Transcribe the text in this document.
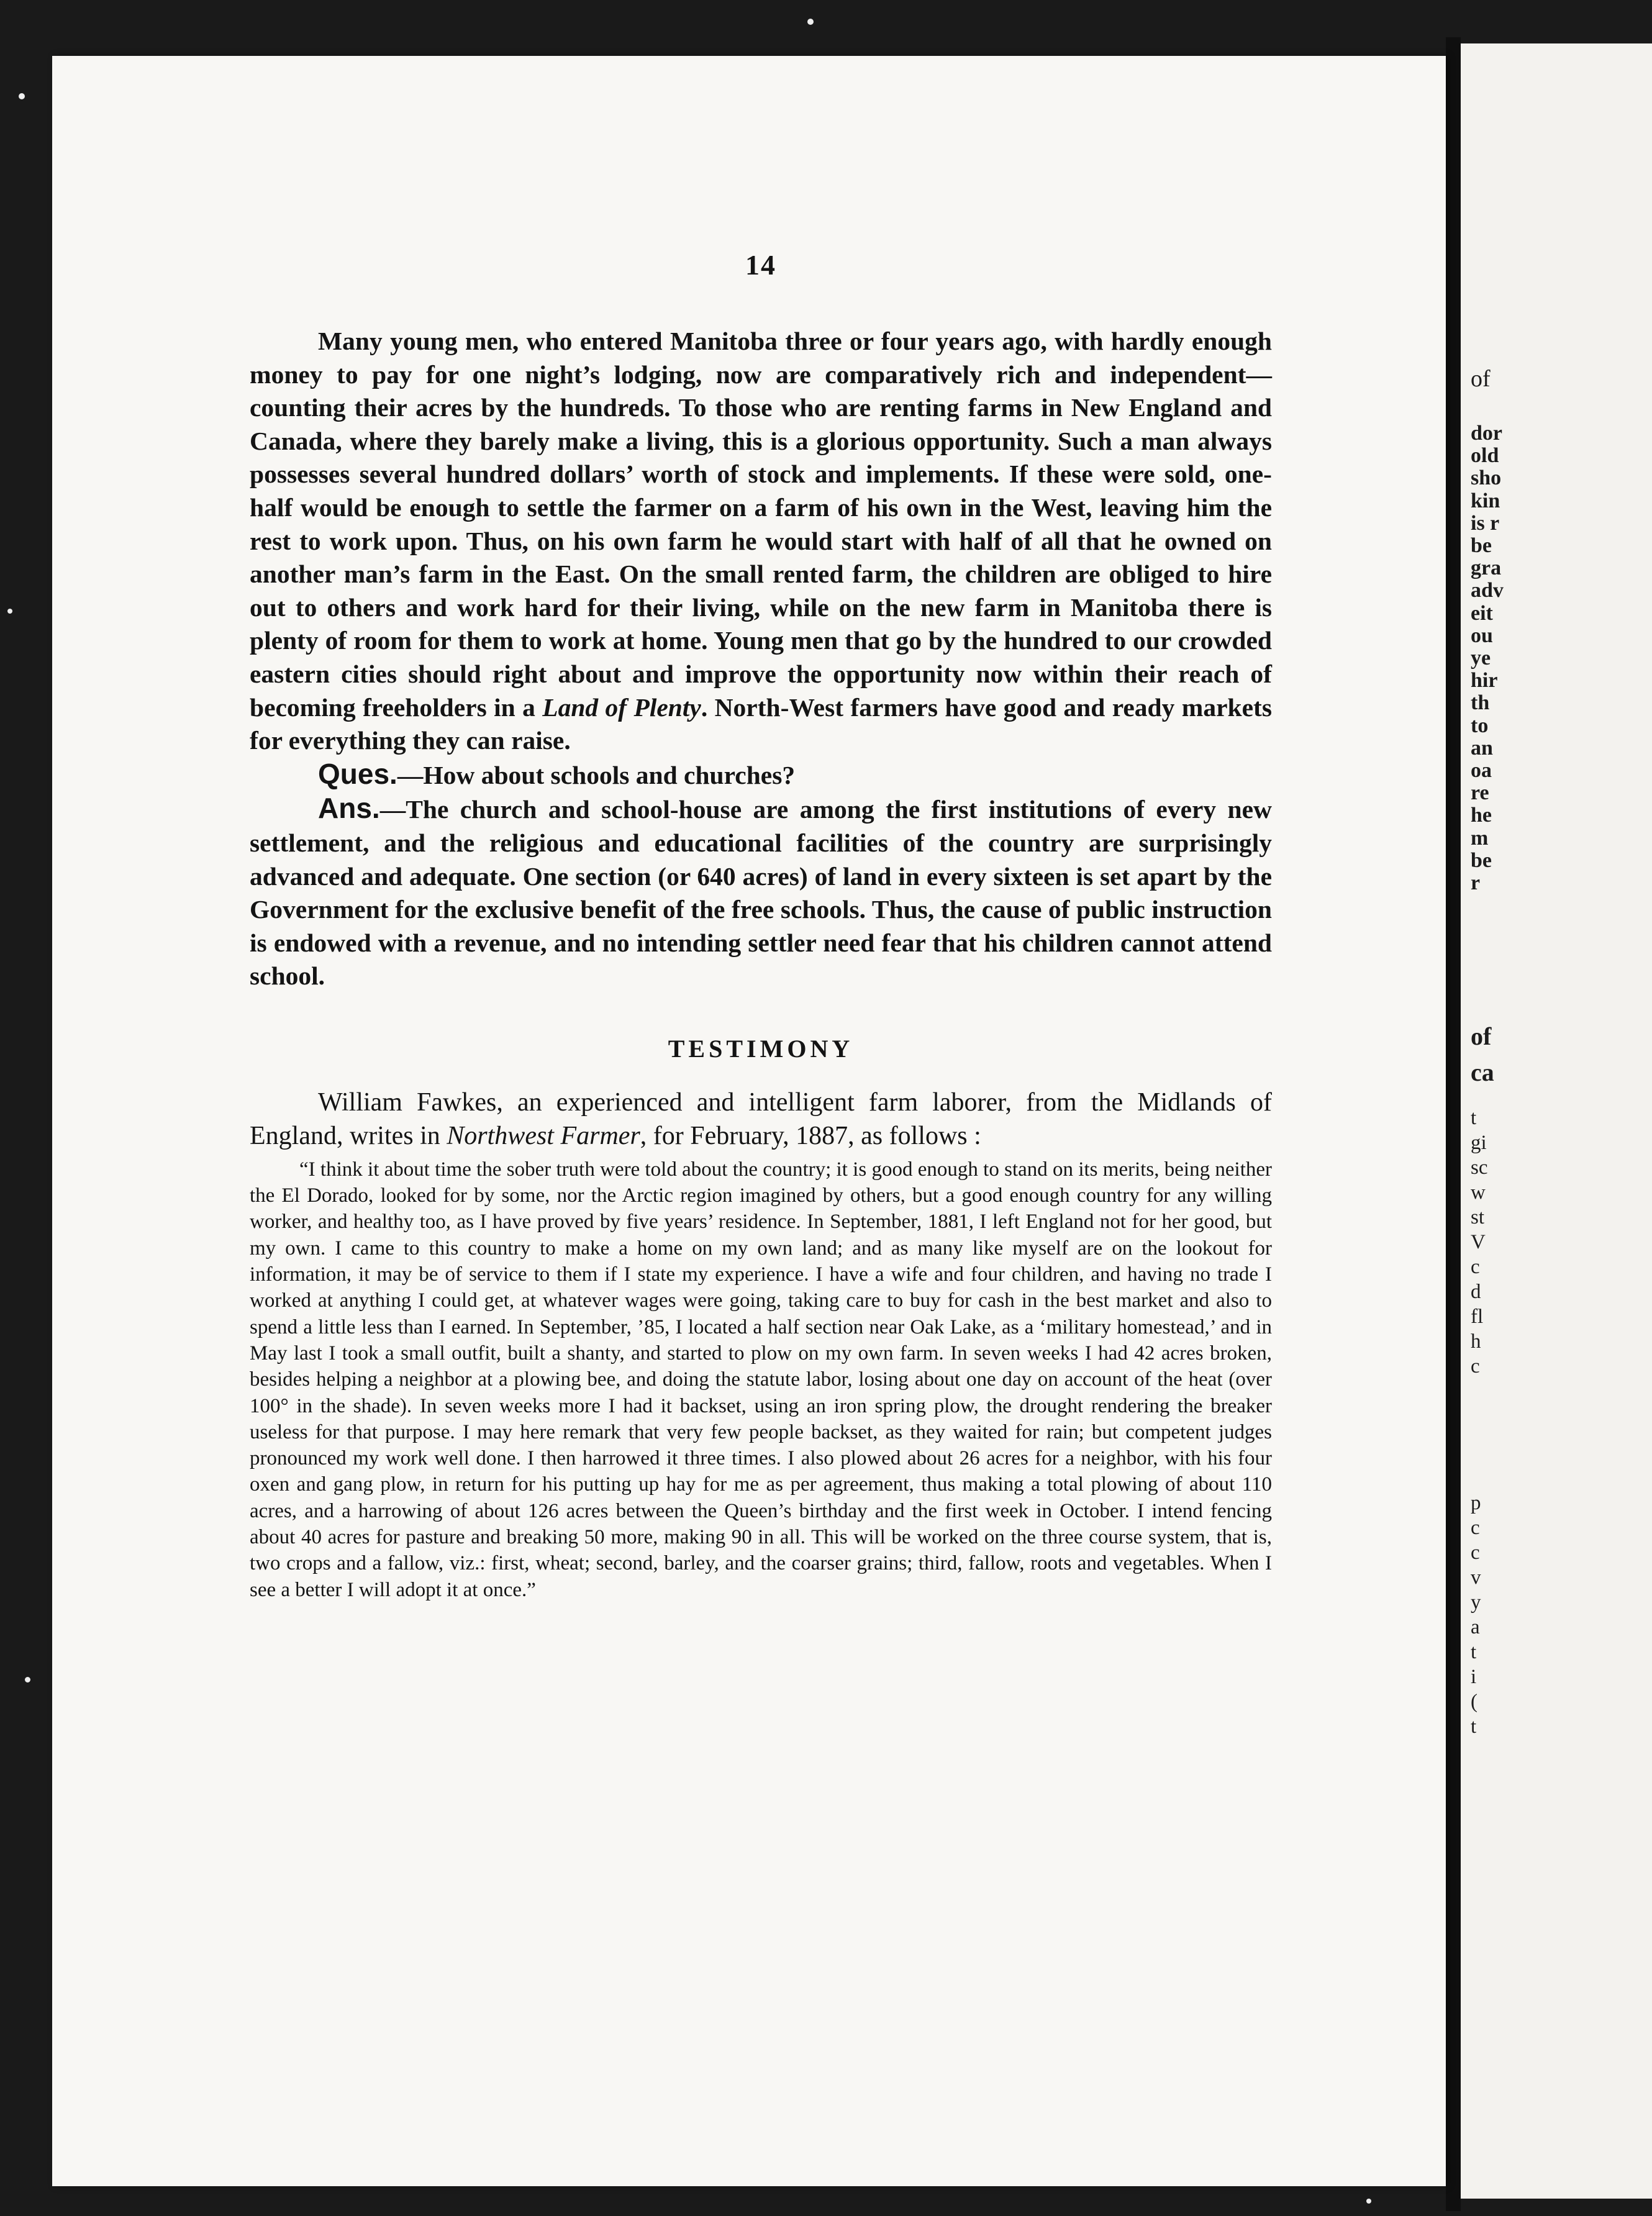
14

Many young men, who entered Manitoba three or four years ago, with hardly enough money to pay for one night’s lodging, now are comparatively rich and independent—counting their acres by the hundreds. To those who are renting farms in New England and Canada, where they barely make a living, this is a glorious opportunity. Such a man always possesses several hundred dollars’ worth of stock and implements. If these were sold, one-half would be enough to settle the farmer on a farm of his own in the West, leaving him the rest to work upon. Thus, on his own farm he would start with half of all that he owned on another man’s farm in the East. On the small rented farm, the children are obliged to hire out to others and work hard for their living, while on the new farm in Manitoba there is plenty of room for them to work at home. Young men that go by the hundred to our crowded eastern cities should right about and improve the opportunity now within their reach of becoming freeholders in a Land of Plenty. North-West farmers have good and ready markets for everything they can raise.

Ques.—How about schools and churches?

Ans.—The church and school-house are among the first institutions of every new settlement, and the religious and educational facilities of the country are surprisingly advanced and adequate. One section (or 640 acres) of land in every sixteen is set apart by the Government for the exclusive benefit of the free schools. Thus, the cause of public instruction is endowed with a revenue, and no intending settler need fear that his children cannot attend school.

TESTIMONY

William Fawkes, an experienced and intelligent farm laborer, from the Midlands of England, writes in Northwest Farmer, for February, 1887, as follows :

“I think it about time the sober truth were told about the country; it is good enough to stand on its merits, being neither the El Dorado, looked for by some, nor the Arctic region imagined by others, but a good enough country for any willing worker, and healthy too, as I have proved by five years’ residence. In September, 1881, I left England not for her good, but my own. I came to this country to make a home on my own land; and as many like myself are on the lookout for information, it may be of service to them if I state my experience. I have a wife and four children, and having no trade I worked at anything I could get, at whatever wages were going, taking care to buy for cash in the best market and also to spend a little less than I earned. In September, ’85, I located a half section near Oak Lake, as a ‘military homestead,’ and in May last I took a small outfit, built a shanty, and started to plow on my own farm. In seven weeks I had 42 acres broken, besides helping a neighbor at a plowing bee, and doing the statute labor, losing about one day on account of the heat (over 100° in the shade). In seven weeks more I had it backset, using an iron spring plow, the drought rendering the breaker useless for that purpose. I may here remark that very few people backset, as they waited for rain; but competent judges pronounced my work well done. I then harrowed it three times. I also plowed about 26 acres for a neighbor, with his four oxen and gang plow, in return for his putting up hay for me as per agreement, thus making a total plowing of about 110 acres, and a harrowing of about 126 acres between the Queen’s birthday and the first week in October. I intend fencing about 40 acres for pasture and breaking 50 more, making 90 in all. This will be worked on the three course system, that is, two crops and a fallow, viz.: first, wheat; second, barley, and the coarser grains; third, fallow, roots and vegetables. When I see a better I will adopt it at once.”

of
dor
old
sho
kin
is r
be
gra
adv
eit
ou
ye
hir
th
to
an
oa
re
he
m
be
r
of
ca
t
gi
sc
w
st
V
c
d
fl
h
c
p
c
c
v
y
a
t
i
(
t
